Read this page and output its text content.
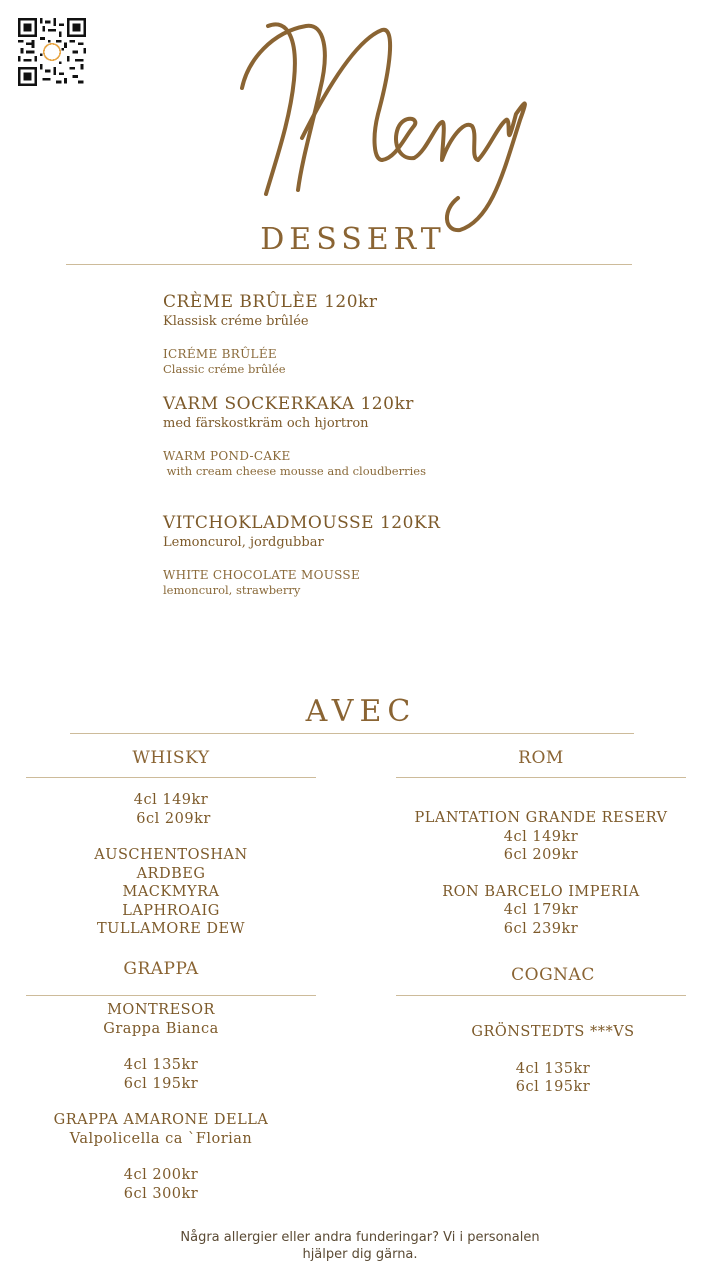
DESSERT
CRÈME BRÛLÈE 120kr
Klassisk créme brûlée
ICRÉME BRÛLÉE
Classic créme brûlée
VARM SOCKERKAKA 120kr
med färskostkräm och hjortron
WARM POND-CAKE
with cream cheese mousse and cloudberries
VITCHOKLADMOUSSE 120KR
Lemoncurol, jordgubbar
WHITE CHOCOLATE MOUSSE
lemoncurol, strawberry
AVEC
WHISKY
4cl 149kr
6cl 209kr
AUSCHENTOSHAN
ARDBEG
MACKMYRA
LAPHROAIG
TULLAMORE DEW
GRAPPA
MONTRESOR
Grappa Bianca
4cl 135kr
6cl 195kr
GRAPPA AMARONE DELLA
Valpolicella ca `Florian
4cl 200kr
6cl 300kr
ROM
PLANTATION GRANDE RESERV
4cl 149kr
6cl 209kr
RON BARCELO IMPERIA
4cl 179kr
6cl 239kr
COGNAC
GRÖNSTEDTS ***VS
4cl 135kr
6cl 195kr
Några allergier eller andra funderingar? Vi i personalen
hjälper dig gärna.
